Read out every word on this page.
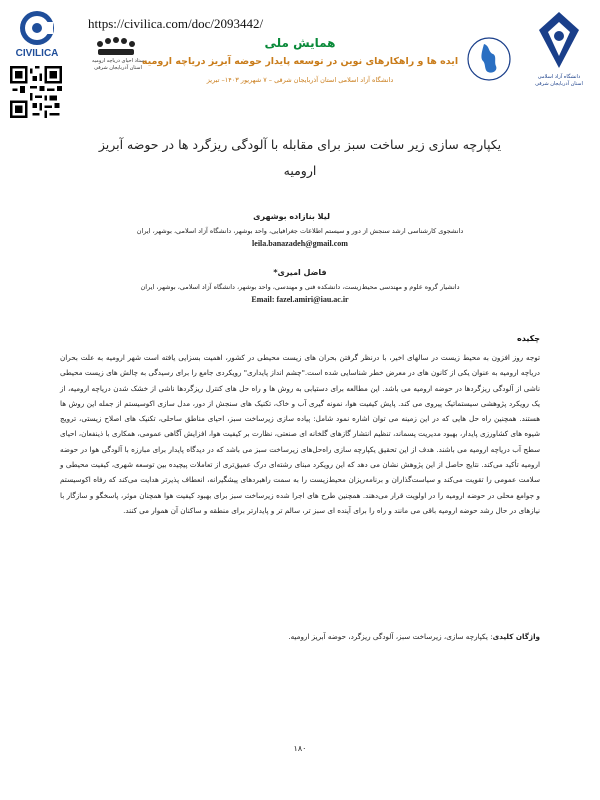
CIVILICA
https://civilica.com/doc/2093442/
ستاد احیای دریاچه ارومیه
استان آذربایجان شرقی
همایش ملی
ایده ها و راهکارهای نوین در توسعه پایدار حوضه آبریز دریاچه ارومیه
دانشگاه آزاد اسلامی استان آذربایجان شرقی – ۷ شهریور ۱۴۰۳– تبریز	دانشگاه آزاد اسلامی
استان آذربایجان شرقی
یکپارچه سازی زیر ساخت سبز برای مقابله با آلودگی ریزگرد ها در حوضه آبریز
ارومیه
لیلا بنازاده بوشهری
دانشجوی کارشناسی ارشد سنجش از دور و سیستم اطلاعات جغرافیایی، واحد بوشهر، دانشگاه آزاد اسلامی، بوشهر، ایران
leila.banazadeh@gmail.com
فاضل امیری*
دانشیار گروه علوم و مهندسی محیط‌زیست، دانشکده فنی و مهندسی، واحد بوشهر، دانشگاه آزاد اسلامی، بوشهر، ایران
Email: fazel.amiri@iau.ac.ir
چکیده
توجه روز افزون به محیط زیست در سالهای اخیر، با درنظر گرفتن بحران های زیست محیطی در کشور، اهمیت بسزایی یافته است شهر ارومیه به علت بحران دریاچه ارومیه به عنوان یکی از کانون های در معرض خطر شناسایی شده است."چشم انداز پایداری" رویکردی جامع را برای رسیدگی به چالش های زیست محیطی ناشی از آلودگی ریزگردها در حوضه ارومیه می باشد. این مطالعه برای دستیابی به روش ها و راه حل های کنترل ریزگردها ناشی از خشک شدن دریاچه ارومیه، از یک رویکرد پژوهشی سیستماتیک پیروی می کند. پایش کیفیت هوا، نمونه گیری آب و خاک، تکنیک های سنجش از دور، مدل سازی اکوسیستم از جمله این روش ها هستند. همچنین راه حل هایی که در این زمینه می توان اشاره نمود شامل: پیاده سازی زیرساخت سبز، احیای مناطق ساحلی، تکنیک های اصلاح زیستی، ترویج شیوه های کشاورزی پایدار، بهبود مدیریت پسماند، تنظیم انتشار گازهای گلخانه ای صنعتی، نظارت بر کیفیت هوا، افزایش آگاهی عمومی، همکاری با ذینفعان، احیای سطح آب دریاچه ارومیه می باشند. هدف از این تحقیق یکپارچه سازی راه‌حل‌های زیرساخت سبز می باشد که در دیدگاه پایدار برای مبارزه با آلودگی هوا در حوضه ارومیه تأکید می‌کند. نتایج حاصل از این پژوهش نشان می دهد که این رویکرد مبنای رشته‌ای درک عمیق‌تری از تعاملات پیچیده بین توسعه شهری، کیفیت محیطی و سلامت عمومی را تقویت می‌کند و سیاست‌گذاران و برنامه‌ریزان محیط‌زیست را به سمت راهبردهای پیشگیرانه، انعطاف پذیرتر هدایت می‌کند که رفاه اکوسیستم و جوامع محلی در حوضه ارومیه را در اولویت قرار می‌دهند. همچنین طرح های اجرا شده زیرساخت سبز برای بهبود کیفیت هوا همچنان موثر، پاسخگو و سازگار با نیازهای در حال رشد حوضه ارومیه باقی می مانند و راه را برای آینده ای سبز تر، سالم تر و پایدارتر برای منطقه و ساکنان آن هموار می کنند.
واژگان کلیدی: یکپارچه سازی، زیرساخت سبز، آلودگی ریزگرد، حوضه آبریز ارومیه.
۱۸۰
